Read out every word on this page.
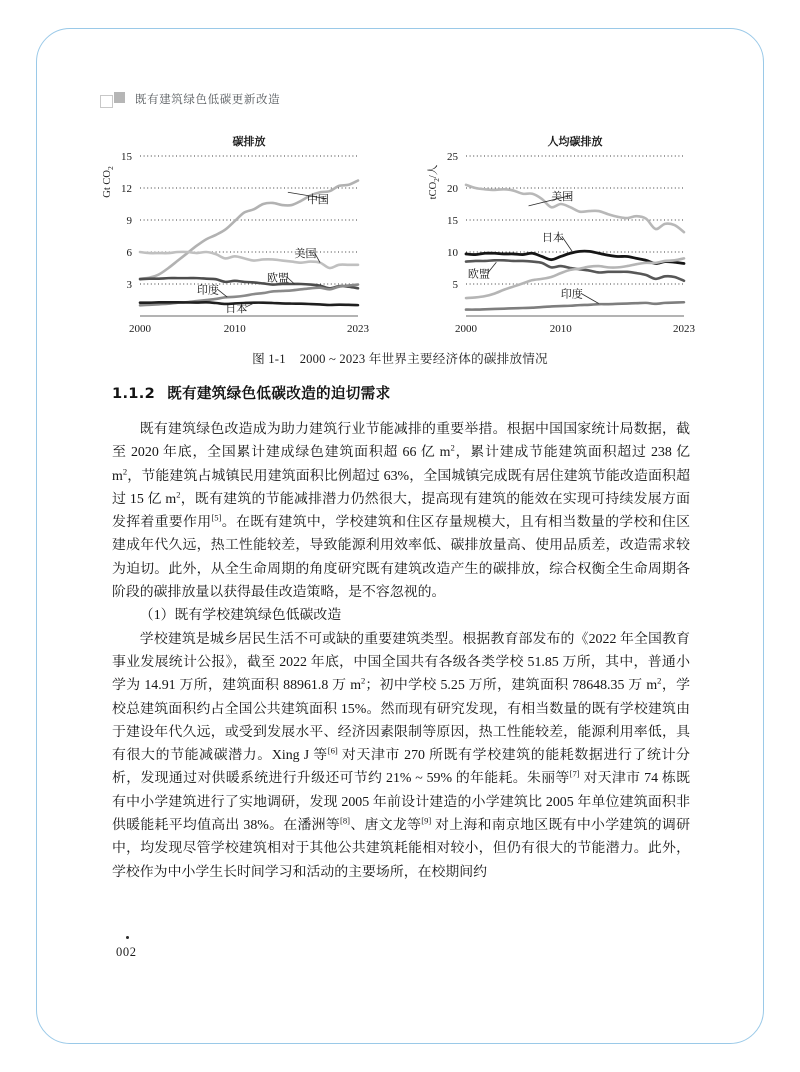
既有建筑绿色低碳更新改造
碳排放
3
6
9
12
15
Gt $CO_2$
2000	2010	2023
中国
美国
欧盟
印度
日本
人均碳排放
5
10
15
20
25
tCO$_2$/人
2000	2010	2023
美国
日本
欧盟
印度
图 1-1 2000 ~ 2023 年世界主要经济体的碳排放情况
1.1.2 既有建筑绿色低碳改造的迫切需求

既有建筑绿色改造成为助力建筑行业节能减排的重要举措。根据中国国家统计局数据，截至 2020 年底，全国累计建成绿色建筑面积超 66 亿 $m^2$，累计建成节能建筑面积超过 238 亿 $m^2$，节能建筑占城镇民用建筑面积比例超过 63%，全国城镇完成既有居住建筑节能改造面积超过 15 亿 $m^2$，既有建筑的节能减排潜力仍然很大，提高现有建筑的能效在实现可持续发展方面发挥着重要作用[5]。在既有建筑中，学校建筑和住区存量规模大，且有相当数量的学校和住区建成年代久远，热工性能较差，导致能源利用效率低、碳排放量高、使用品质差，改造需求较为迫切。此外，从全生命周期的角度研究既有建筑改造产生的碳排放，综合权衡全生命周期各阶段的碳排放量以获得最佳改造策略，是不容忽视的。

（1）既有学校建筑绿色低碳改造

学校建筑是城乡居民生活不可或缺的重要建筑类型。根据教育部发布的《2022 年全国教育事业发展统计公报》，截至 2022 年底，中国全国共有各级各类学校 51.85 万所，其中，普通小学为 14.91 万所，建筑面积 88961.8 万 $m^2$；初中学校 5.25 万所，建筑面积 78648.35 万 $m^2$，学校总建筑面积约占全国公共建筑面积 15%。然而现有研究发现，有相当数量的既有学校建筑由于建设年代久远，或受到发展水平、经济因素限制等原因，热工性能较差，能源利用率低，具有很大的节能减碳潜力。Xing J 等[6] 对天津市 270 所既有学校建筑的能耗数据进行了统计分析，发现通过对供暖系统进行升级还可节约 21% ~ 59% 的年能耗。朱丽等[7] 对天津市 74 栋既有中小学建筑进行了实地调研，发现 2005 年前设计建造的小学建筑比 2005 年单位建筑面积非供暖能耗平均值高出 38%。在潘洲等[8]、唐文龙等[9] 对上海和南京地区既有中小学建筑的调研中，均发现尽管学校建筑相对于其他公共建筑耗能相对较小，但仍有很大的节能潜力。此外，学校作为中小学生长时间学习和活动的主要场所，在校期间约

002
